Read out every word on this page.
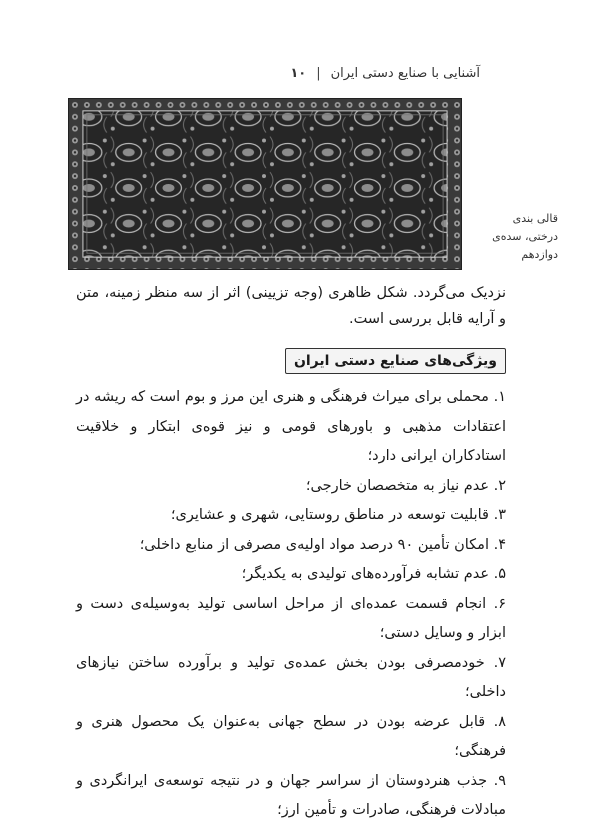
۱۰ | آشنایی با صنایع دستی ایران
قالی بندی
درختی، سده‌ی
دوازدهم

نزدیک می‌گردد. شکل ظاهری (وجه تزیینی) اثر از سه منظر زمینه، متن و آرایه قابل بررسی است.

ویژگی‌های صنایع دستی ایران
۱. محملی برای میراث فرهنگی و هنری این مرز و بوم است که ریشه در اعتقادات مذهبی و باورهای قومی و نیز قوه‌ی ابتکار و خلاقیت استادکاران ایرانی دارد؛
۲. عدم نیاز به متخصصان خارجی؛
۳. قابلیت توسعه در مناطق روستایی، شهری و عشایری؛
۴. امکان تأمین ۹۰ درصد مواد اولیه‌ی مصرفی از منابع داخلی؛
۵. عدم تشابه فرآورده‌های تولیدی به یکدیگر؛
۶. انجام قسمت عمده‌ای از مراحل اساسی تولید به‌وسیله‌ی دست و ابزار و وسایل دستی؛
۷. خودمصرفی بودن بخش عمده‌ی تولید و برآورده ساختن نیازهای داخلی؛
۸. قابل عرضه بودن در سطح جهانی به‌عنوان یک محصول هنری و فرهنگی؛
۹. جذب هنردوستان از سراسر جهان و در نتیجه توسعه‌ی ایرانگردی و مبادلات فرهنگی، صادرات و تأمین ارز؛
